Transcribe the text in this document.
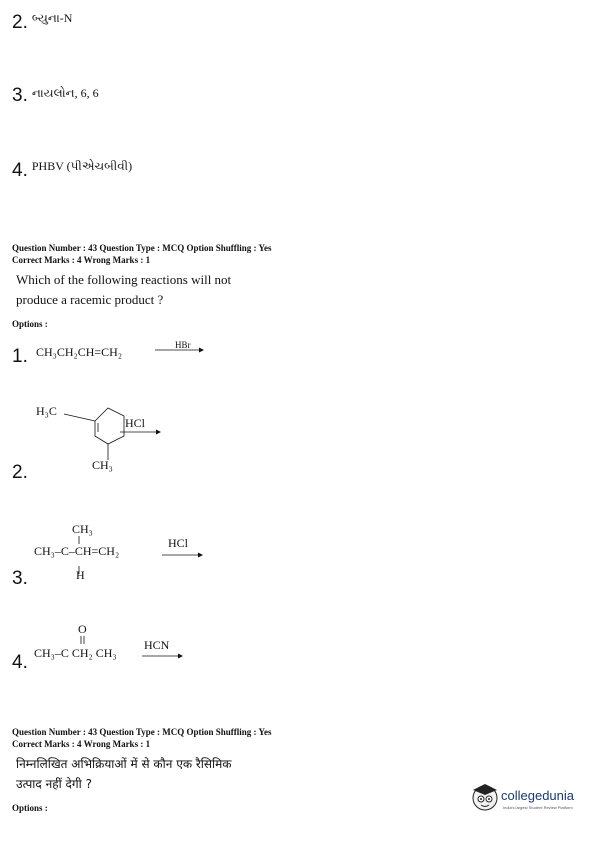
2. $^{બ્યુના-N}$
3. $^{નાયલોન, 6, 6}$
4. PHBV (પીએચબીવી)
Question Number : 43 Question Type : MCQ Option Shuffling : Yes
Correct Marks : 4 Wrong Marks : 1
Which of the following reactions will not
produce a racemic product ?
Options :
1. CH₃CH₂CH=CH₂	HBr
2.
H₃C
CH₃
HCl
3.
CH₃
CH₃–C–CH=CH₂
H
HCl
4.
O
CH₃–C CH₂ CH₃
HCN
Question Number : 43 Question Type : MCQ Option Shuffling : Yes
Correct Marks : 4 Wrong Marks : 1
निम्नलिखित अभिक्रियाओं में से कौन एक रैसिमिक
उत्पाद नहीं देगी ?
Options :
collegedunia
India's largest Student Review Platform
